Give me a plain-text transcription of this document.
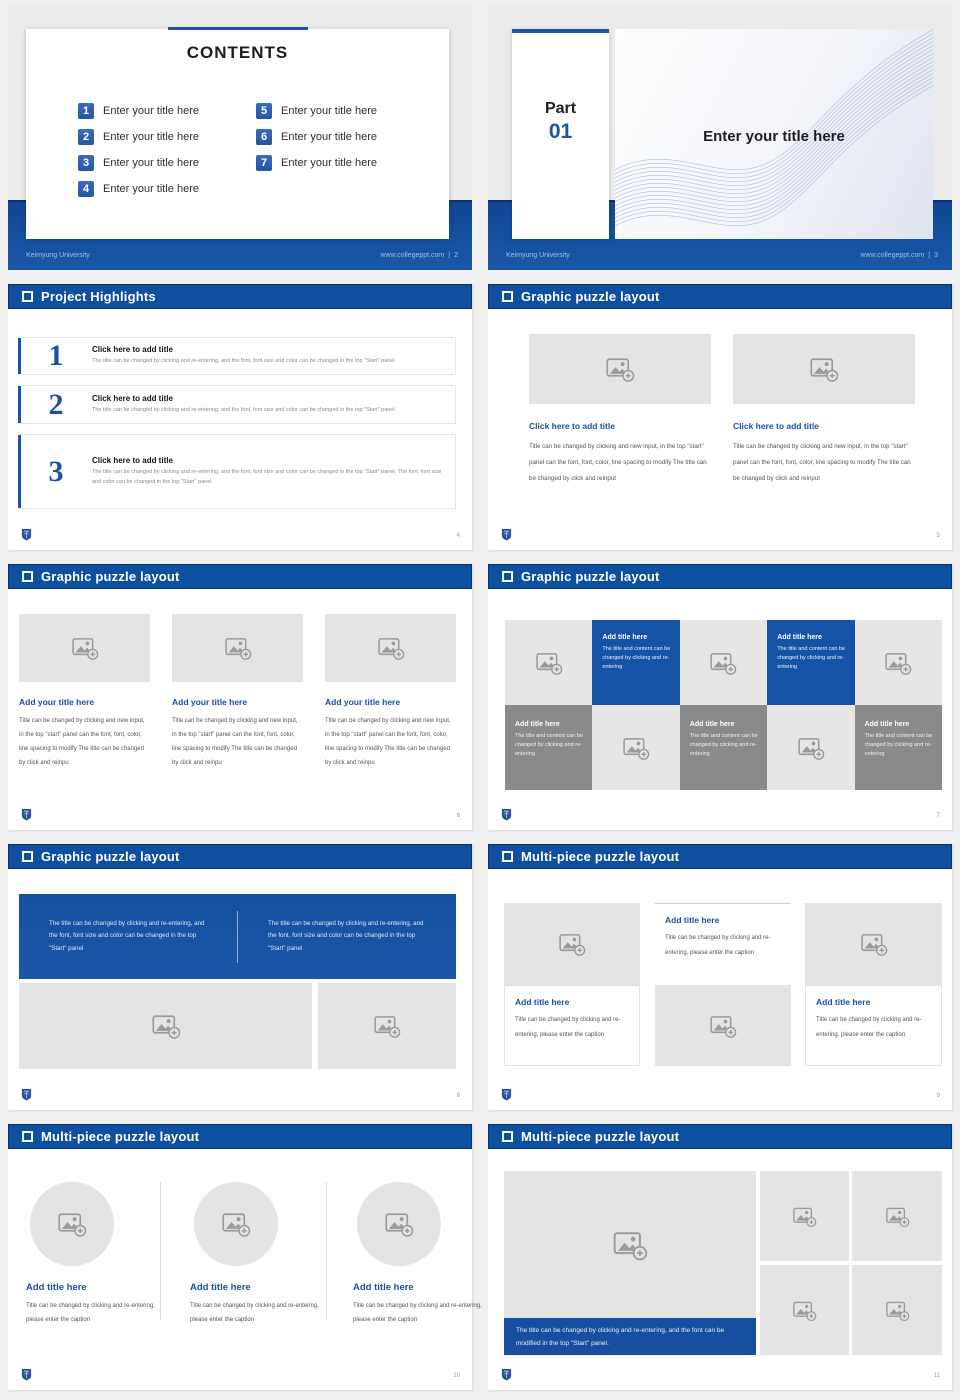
Keimyung University	www.collegeppt.com | 2
CONTENTS
1	Enter your title here
2	Enter your title here
3	Enter your title here
4	Enter your title here
5	Enter your title here
6	Enter your title here
7	Enter your title here
Keimyung University	www.collegeppt.com | 3
Part
01	Enter your title here
Project Highlights
1	Click here to add title
The title can be changed by clicking and re-entering, and the font, font size and color can be changed in the top "Start" panel
2	Click here to add title
The title can be changed by clicking and re-entering, and the font, font size and color can be changed in the top "Start" panel
3	Click here to add title
The title can be changed by clicking and re-entering, and the font, font size and color can be changed in the top "Start" panel. The font, font size and color can be changed in the top "Start" panel.
4
Graphic puzzle layout
Click here to add title
Title can be changed by clicking and new input, in the top "start" panel can the font, font, color, line spacing to modify The title can be changed by click and reinput
Click here to add title
Title can be changed by clicking and new input, in the top "start" panel can the font, font, color, line spacing to modify The title can be changed by click and reinput
5
Graphic puzzle layout
Add your title here
Title can be changed by clicking and new input, in the top "start" panel can the font, font, color, line spacing to modify The title can be changed by click and reinpu
Add your title here
Title can be changed by clicking and new input, in the top "start" panel can the font, font, color, line spacing to modify The title can be changed by click and reinpu
Add your title here
Title can be changed by clicking and new input, in the top "start" panel can the font, font, color, line spacing to modify The title can be changed by click and reinpu
6
Graphic puzzle layout
Add title here
The title and content can be changed by clicking and re-entering
Add title here
The title and content can be changed by clicking and re-entering
Add title here
The title and content can be changed by clicking and re-entering
Add title here
The title and content can be changed by clicking and re-entering
Add title here
The title and content can be changed by clicking and re-entering
7
Graphic puzzle layout
The title can be changed by clicking and re-entering, and the font, font size and color can be changed in the top "Start" panel
The title can be changed by clicking and re-entering, and the font, font size and color can be changed in the top "Start" panel
8
Multi-piece puzzle layout
Add title here
Title can be changed by clicking and re-entering, please enter the caption
Add title here
Title can be changed by clicking and re-entering, please enter the caption
Add title here
Title can be changed by clicking and re-entering, please enter the caption
9
Multi-piece puzzle layout
Add title here
Title can be changed by clicking and re-entering, please enter the caption
Add title here
Title can be changed by clicking and re-entering, please enter the caption
Add title here
Title can be changed by clicking and re-entering, please enter the caption
10
Multi-piece puzzle layout
The title can be changed by clicking and re-entering, and the font can be modified in the top "Start" panel.
11
